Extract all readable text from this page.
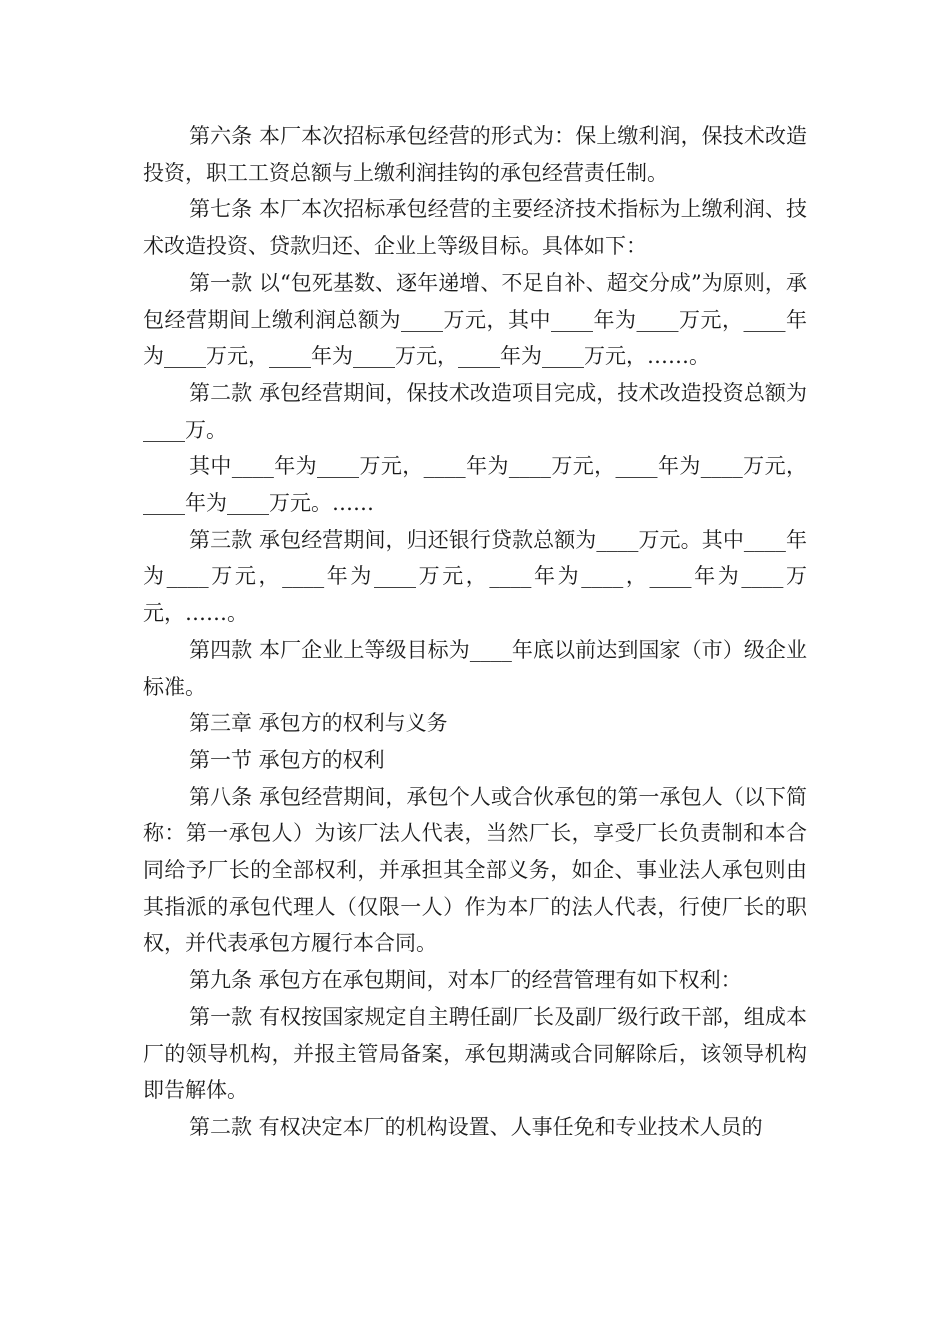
第六条 本厂本次招标承包经营的形式为：保上缴利润，保技术改造投资，职工工资总额与上缴利润挂钩的承包经营责任制。

第七条 本厂本次招标承包经营的主要经济技术指标为上缴利润、技术改造投资、贷款归还、企业上等级目标。具体如下：

第一款 以“包死基数、逐年递增、不足自补、超交分成”为原则，承包经营期间上缴利润总额为____万元，其中____年为____万元，____年为____万元，____年为____万元，____年为____万元，……。

第二款 承包经营期间，保技术改造项目完成，技术改造投资总额为____万。

其中____年为____万元，____年为____万元，____年为____万元，____年为____万元。……

第三款 承包经营期间，归还银行贷款总额为____万元。其中____年为____万元，____年为____万元，____年为____，____年为____万元，……。

第四款 本厂企业上等级目标为____年底以前达到国家（市）级企业标准。

第三章 承包方的权利与义务

第一节 承包方的权利

第八条 承包经营期间，承包个人或合伙承包的第一承包人（以下简称：第一承包人）为该厂法人代表，当然厂长，享受厂长负责制和本合同给予厂长的全部权利，并承担其全部义务，如企、事业法人承包则由其指派的承包代理人（仅限一人）作为本厂的法人代表，行使厂长的职权，并代表承包方履行本合同。

第九条 承包方在承包期间，对本厂的经营管理有如下权利：

第一款 有权按国家规定自主聘任副厂长及副厂级行政干部，组成本厂的领导机构，并报主管局备案，承包期满或合同解除后，该领导机构即告解体。

第二款 有权决定本厂的机构设置、人事任免和专业技术人员的
